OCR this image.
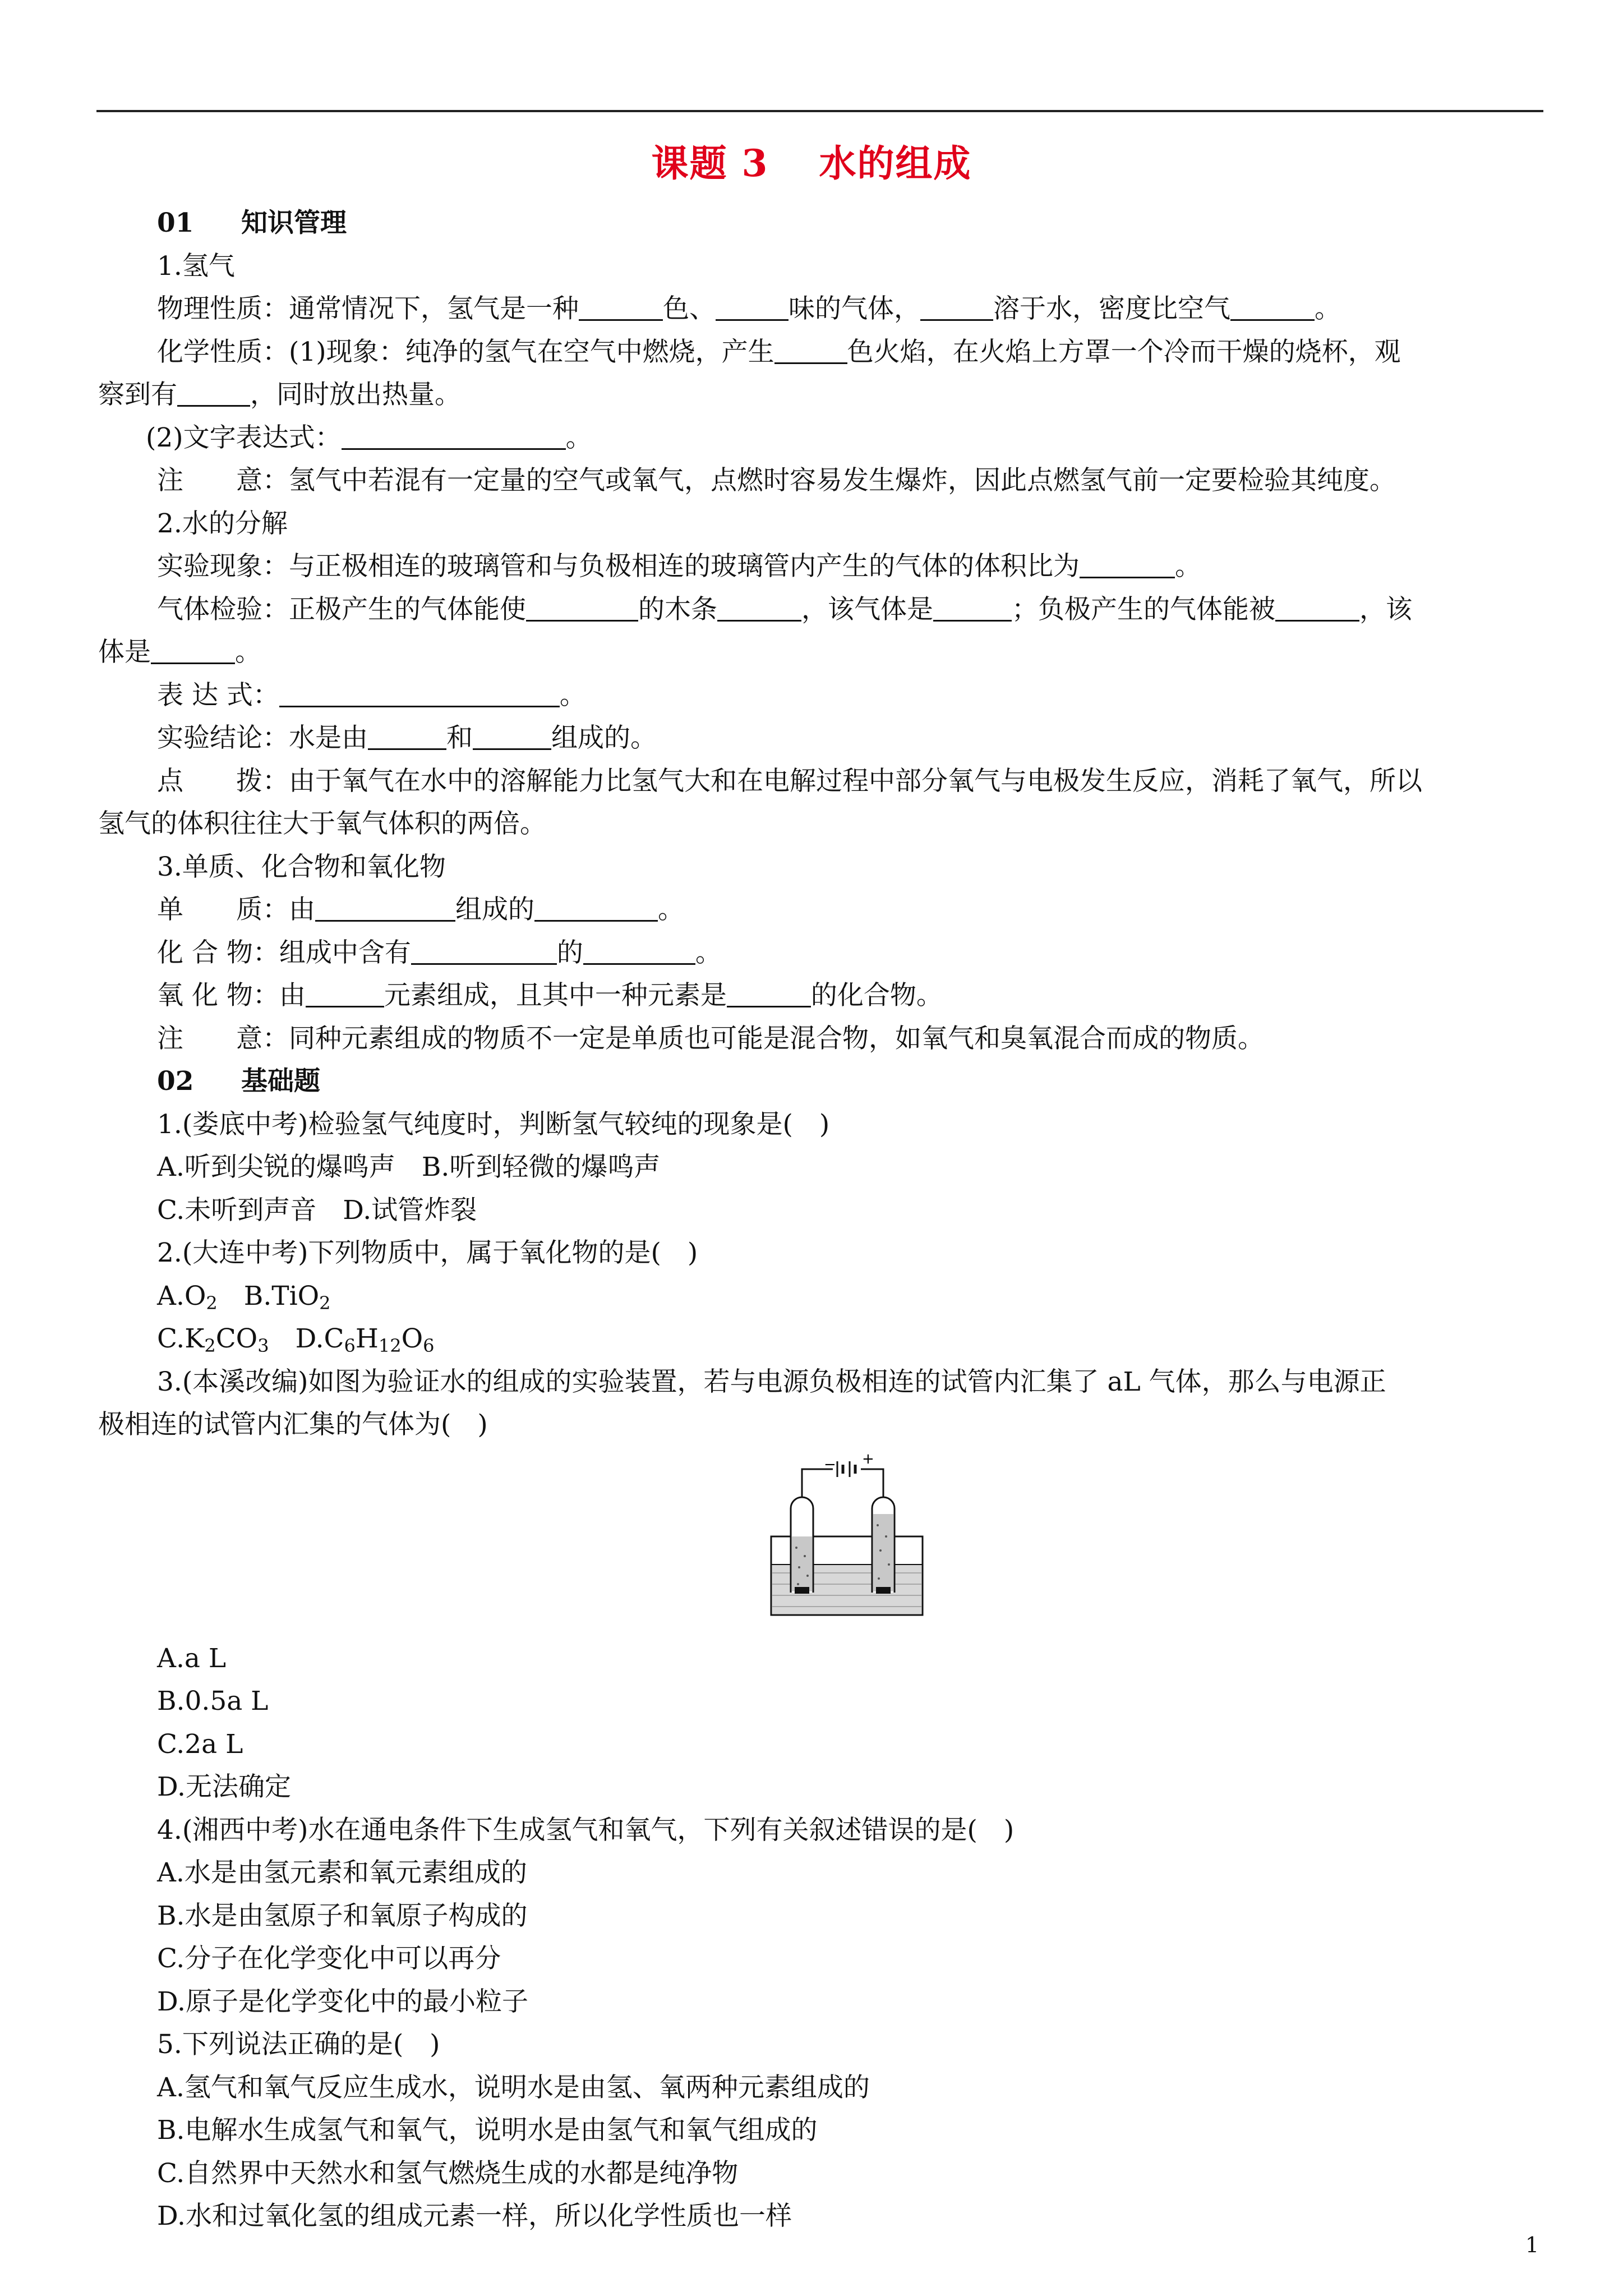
课题 3 水的组成

01 知识管理

1.氢气

物理性质：通常情况下，氢气是一种	色、	味的气体，	溶于水，密度比空气	。

化学性质：(1)现象：纯净的氢气在空气中燃烧，产生	色火焰，在火焰上方罩一个冷而干燥的烧杯，观

察到有	，同时放出热量。

(2)文字表达式：	。

注　　意：氢气中若混有一定量的空气或氧气，点燃时容易发生爆炸，因此点燃氢气前一定要检验其纯度。

2.水的分解

实验现象：与正极相连的玻璃管和与负极相连的玻璃管内产生的气体的体积比为	。

气体检验：正极产生的气体能使	的木条	，该气体是	；负极产生的气体能被	，该

体是	。

表 达 式：	。

实验结论：水是由	和	组成的。

点　　拨：由于氧气在水中的溶解能力比氢气大和在电解过程中部分氧气与电极发生反应，消耗了氧气，所以

氢气的体积往往大于氧气体积的两倍。

3.单质、化合物和氧化物

单　　质：由	组成的	。

化 合 物：组成中含有	的	。

氧 化 物：由	元素组成，且其中一种元素是	的化合物。

注　　意：同种元素组成的物质不一定是单质也可能是混合物，如氧气和臭氧混合而成的物质。

02 基础题

1.(娄底中考)检验氢气纯度时，判断氢气较纯的现象是(　)

A.听到尖锐的爆鸣声　B.听到轻微的爆鸣声

C.未听到声音　D.试管炸裂

2.(大连中考)下列物质中，属于氧化物的是(　)

$A.O_2$　 B.TiO$_2$

$C.K_2CO_3$　 $D.C_6H_{12}O_6$

3.(本溪改编)如图为验证水的组成的实验装置，若与电源负极相连的试管内汇集了 aL 气体，那么与电源正

极相连的试管内汇集的气体为(　)

− +

A.a L

B.0.5a L

C.2a L

D.无法确定

4.(湘西中考)水在通电条件下生成氢气和氧气，下列有关叙述错误的是(　)

A.水是由氢元素和氧元素组成的

B.水是由氢原子和氧原子构成的

C.分子在化学变化中可以再分

D.原子是化学变化中的最小粒子

5.下列说法正确的是(　)

A.氢气和氧气反应生成水，说明水是由氢、氧两种元素组成的

B.电解水生成氢气和氧气，说明水是由氢气和氧气组成的

C.自然界中天然水和氢气燃烧生成的水都是纯净物

D.水和过氧化氢的组成元素一样，所以化学性质也一样

1
